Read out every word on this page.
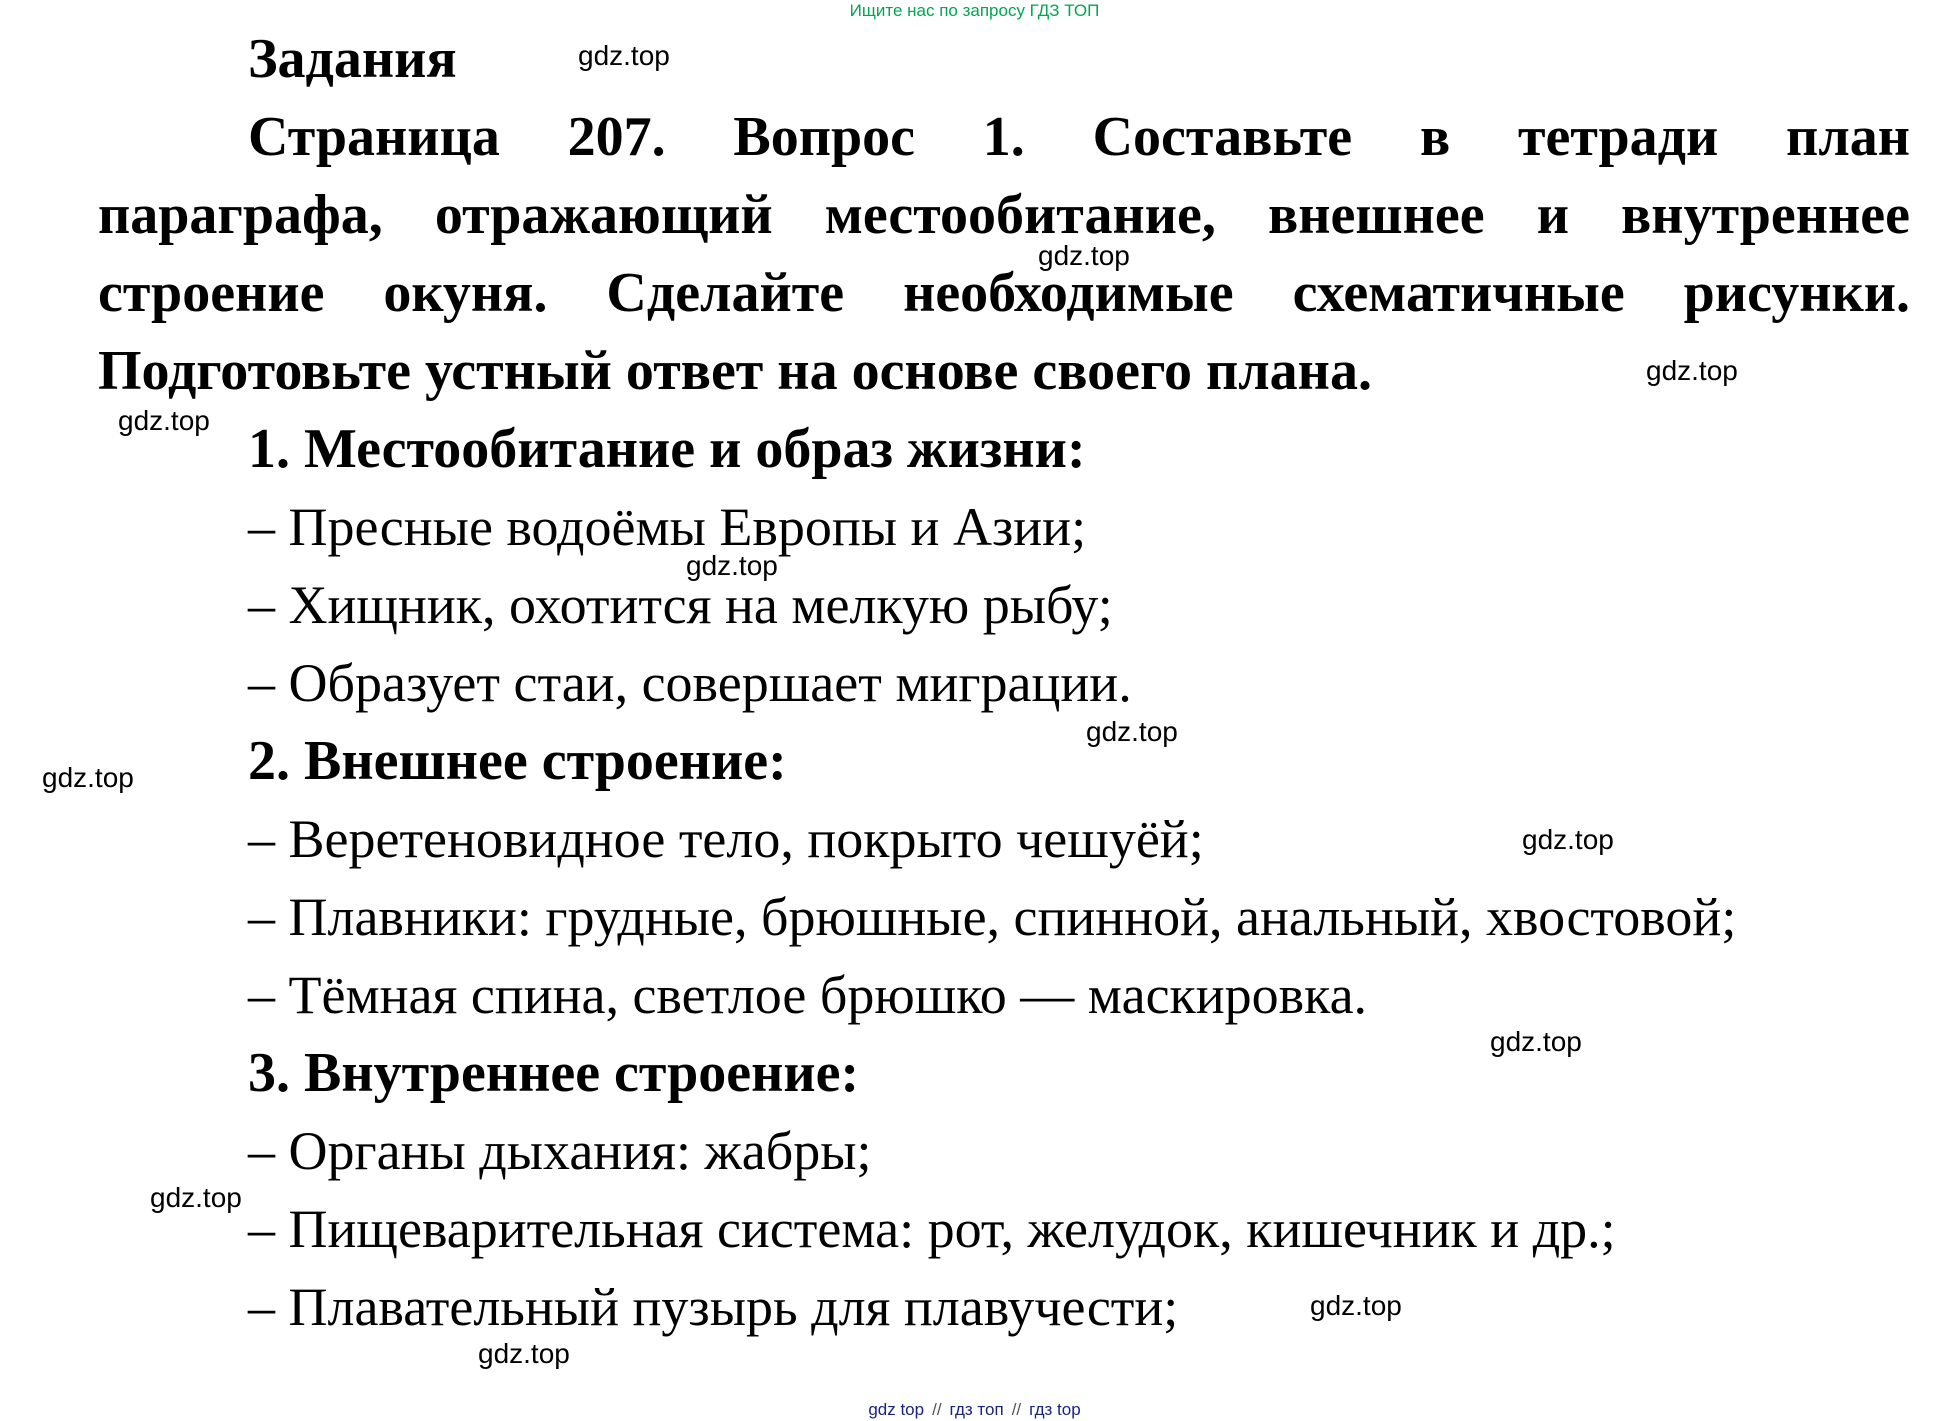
Ищите нас по запросу ГДЗ ТОП
Задания
Страница 207. Вопрос 1. Составьте в тетради план
параграфа, отражающий местообитание, внешнее и внутреннее
строение окуня. Сделайте необходимые схематичные рисунки.
Подготовьте устный ответ на основе своего плана.
1. Местообитание и образ жизни:
– Пресные водоёмы Европы и Азии;
– Хищник, охотится на мелкую рыбу;
– Образует стаи, совершает миграции.
2. Внешнее строение:
– Веретеновидное тело, покрыто чешуёй;
– Плавники: грудные, брюшные, спинной, анальный, хвостовой;
– Тёмная спина, светлое брюшко — маскировка.
3. Внутреннее строение:
– Органы дыхания: жабры;
– Пищеварительная система: рот, желудок, кишечник и др.;
– Плавательный пузырь для плавучести;
gdz.top
gdz.top
gdz.top
gdz.top
gdz.top
gdz.top
gdz.top
gdz.top
gdz.top
gdz.top
gdz.top
gdz.top
gdz top // гдз топ // гдз top
